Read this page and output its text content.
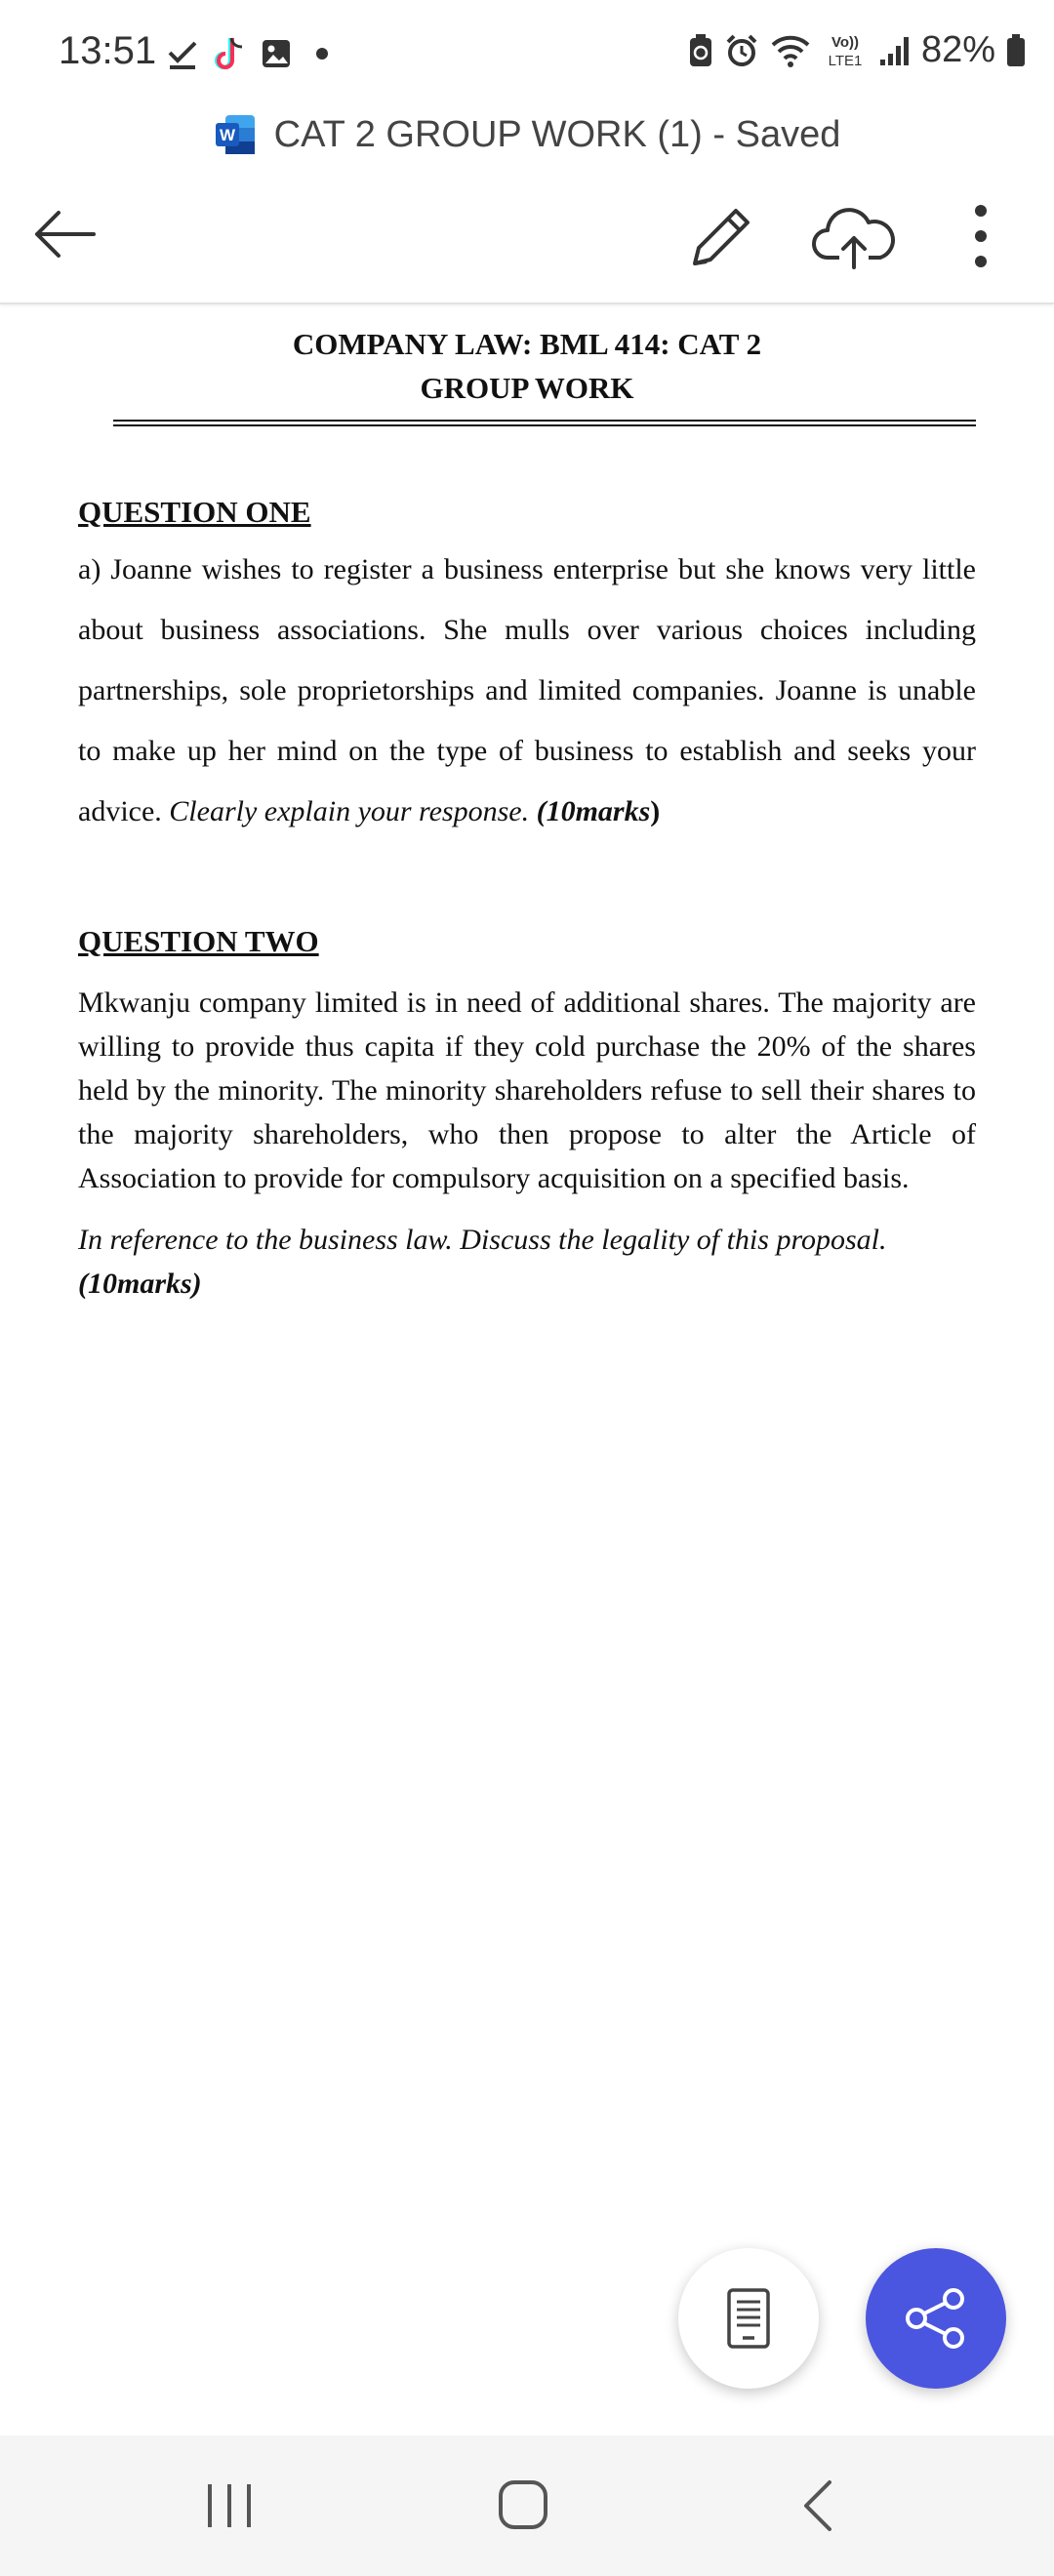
13:51	Vo))
LTE1 82%
W CAT 2 GROUP WORK (1) - Saved
COMPANY LAW: BML 414: CAT 2
GROUP WORK
QUESTION ONE
a) Joanne wishes to register a business enterprise but she knows very little about business associations. She mulls over various choices including partnerships, sole proprietorships and limited companies. Joanne is unable to make up her mind on the type of business to establish and seeks your advice. Clearly explain your response. (10marks)
QUESTION TWO
Mkwanju company limited is in need of additional shares. The majority are willing to provide thus capita if they cold purchase the 20% of the shares held by the minority. The minority shareholders refuse to sell their shares to the majority shareholders, who then propose to alter the Article of Association to provide for compulsory acquisition on a specified basis.
In reference to the business law. Discuss the legality of this proposal.
(10marks)
